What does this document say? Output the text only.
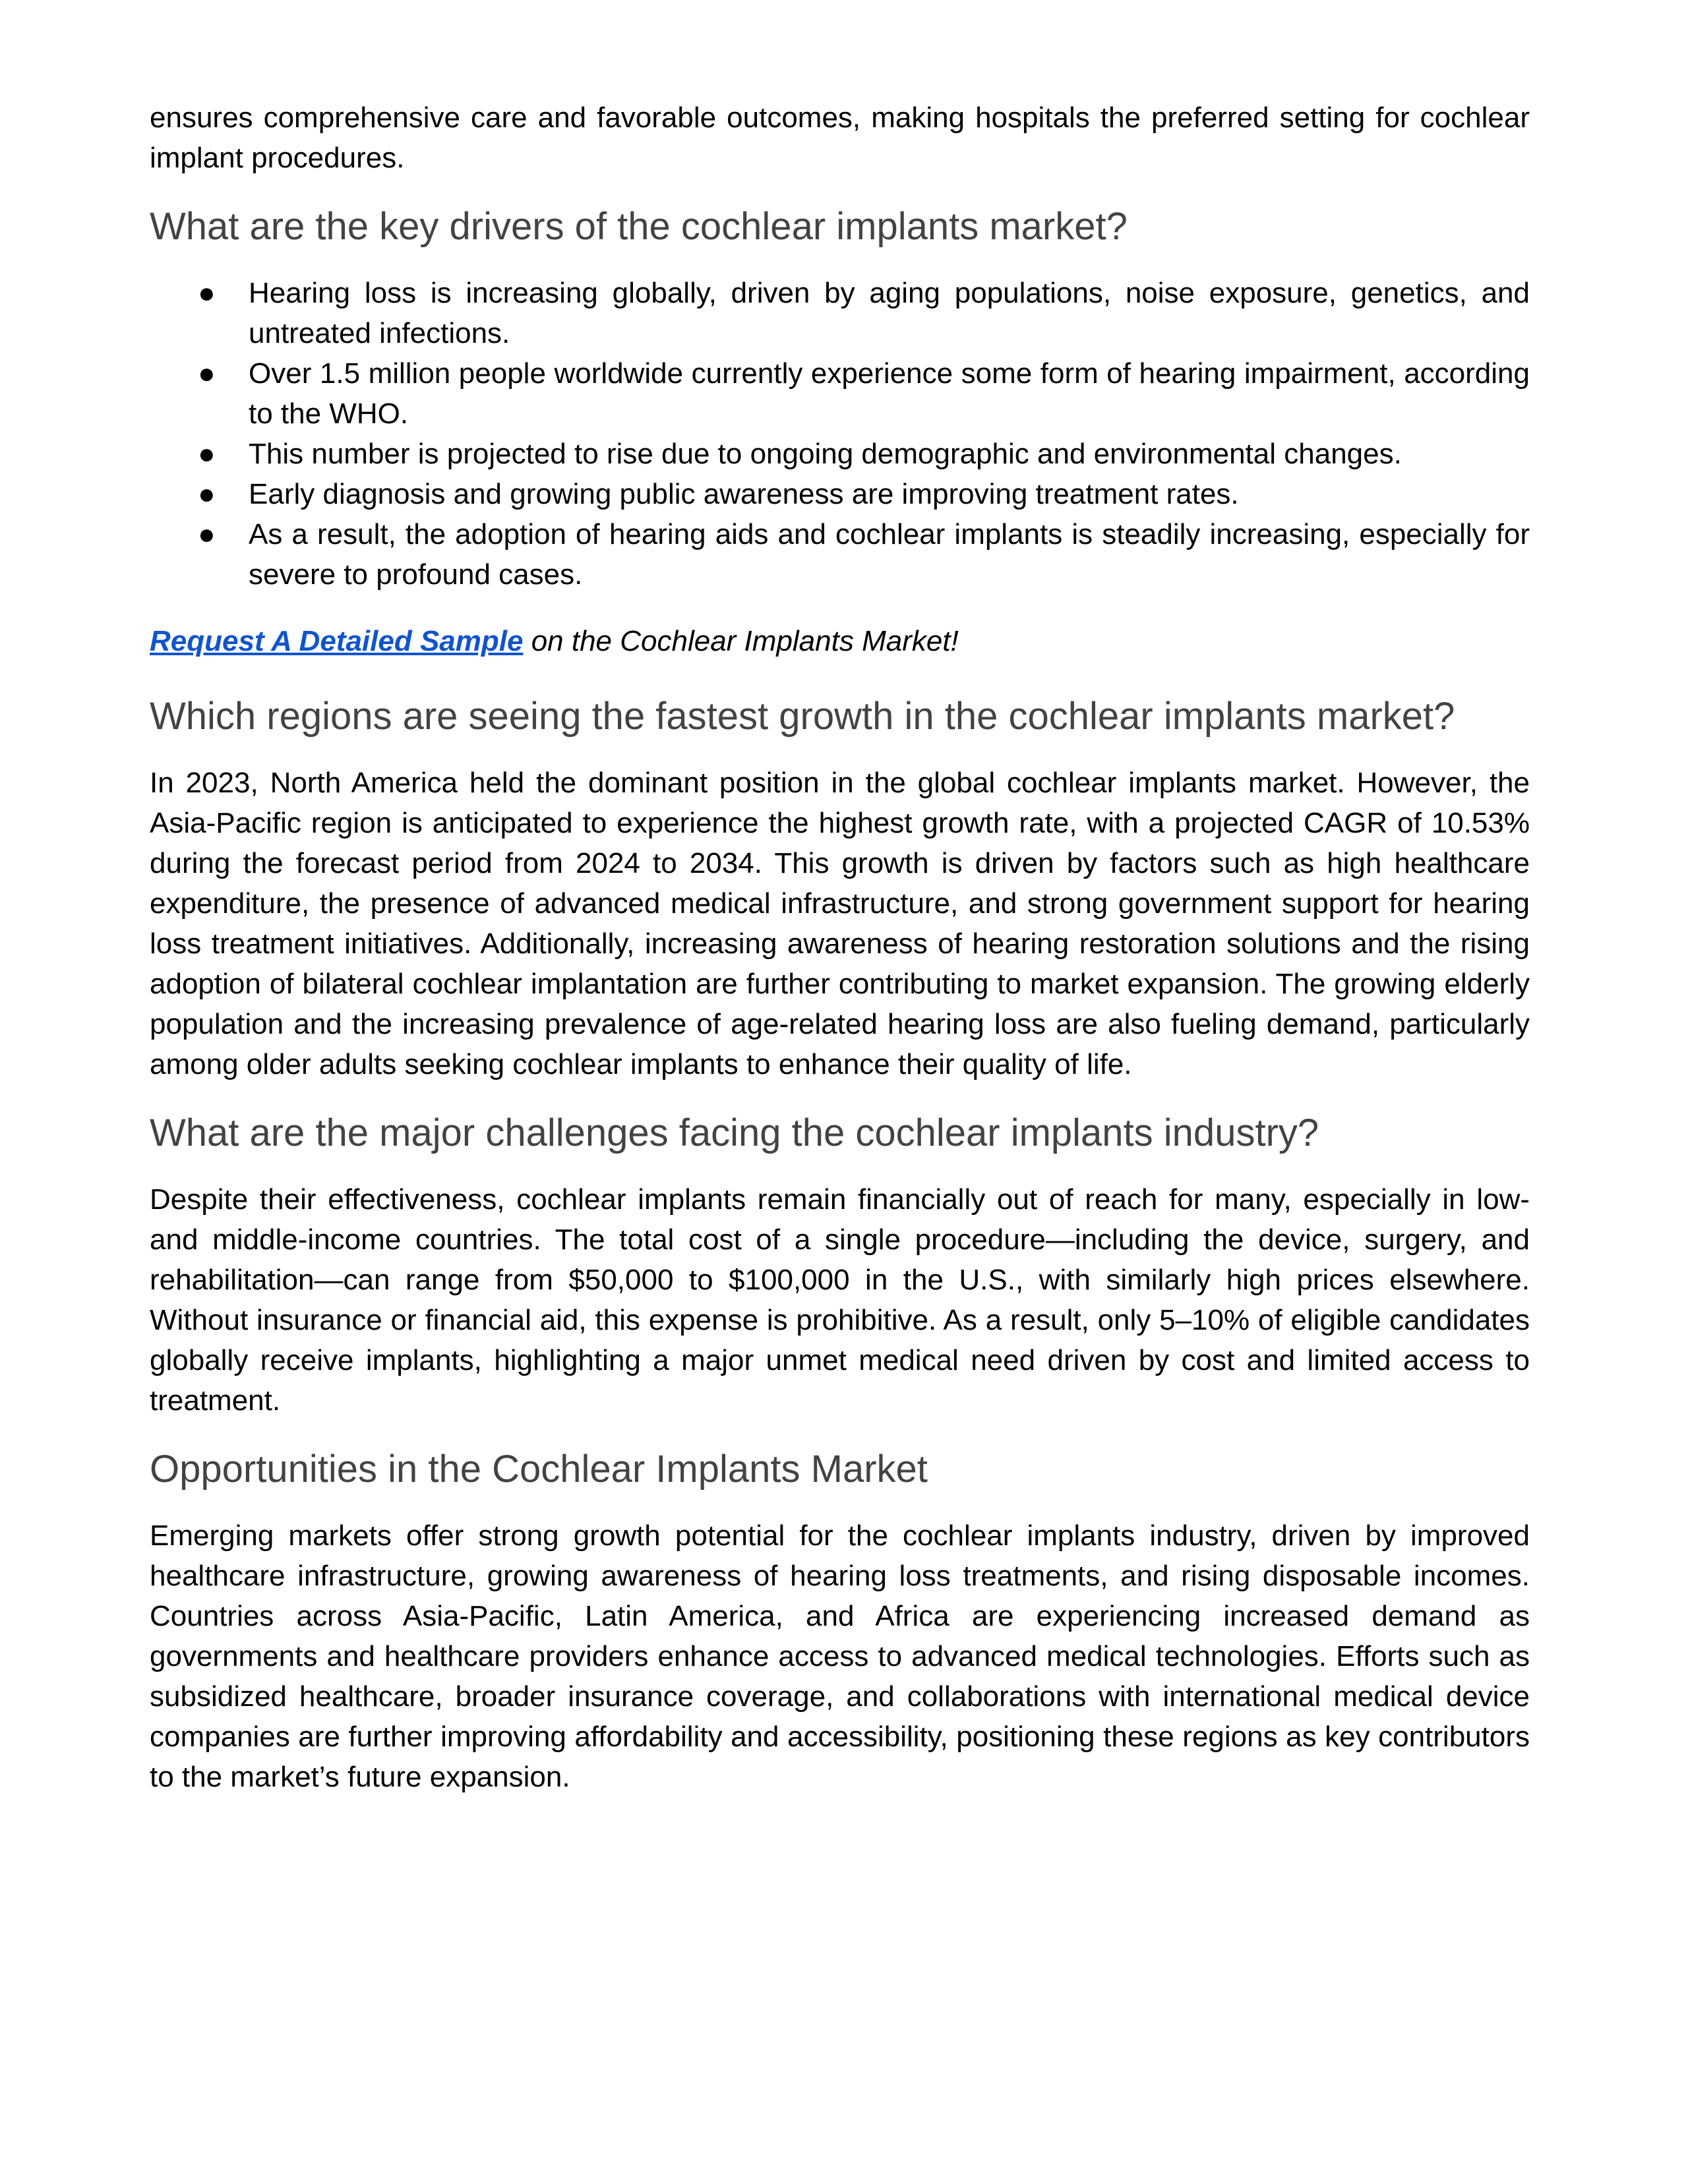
ensures comprehensive care and favorable outcomes, making hospitals the preferred setting for cochlear implant procedures.

What are the key drivers of the cochlear implants market?
● Hearing loss is increasing globally, driven by aging populations, noise exposure, genetics, and untreated infections.
● Over 1.5 million people worldwide currently experience some form of hearing impairment, according to the WHO.
● This number is projected to rise due to ongoing demographic and environmental changes.
● Early diagnosis and growing public awareness are improving treatment rates.
● As a result, the adoption of hearing aids and cochlear implants is steadily increasing, especially for severe to profound cases.

Request A Detailed Sample on the Cochlear Implants Market!

Which regions are seeing the fastest growth in the cochlear implants market?

In 2023, North America held the dominant position in the global cochlear implants market. However, the Asia-Pacific region is anticipated to experience the highest growth rate, with a projected CAGR of 10.53% during the forecast period from 2024 to 2034. This growth is driven by factors such as high healthcare expenditure, the presence of advanced medical infrastructure, and strong government support for hearing loss treatment initiatives. Additionally, increasing awareness of hearing restoration solutions and the rising adoption of bilateral cochlear implantation are further contributing to market expansion. The growing elderly population and the increasing prevalence of age-related hearing loss are also fueling demand, particularly among older adults seeking cochlear implants to enhance their quality of life.

What are the major challenges facing the cochlear implants industry?

Despite their effectiveness, cochlear implants remain financially out of reach for many, especially in low- and middle-income countries. The total cost of a single procedure—including the device, surgery, and rehabilitation—can range from $50,000 to $100,000 in the U.S., with similarly high prices elsewhere. Without insurance or financial aid, this expense is prohibitive. As a result, only 5–10% of eligible candidates globally receive implants, highlighting a major unmet medical need driven by cost and limited access to treatment.

Opportunities in the Cochlear Implants Market

Emerging markets offer strong growth potential for the cochlear implants industry, driven by improved healthcare infrastructure, growing awareness of hearing loss treatments, and rising disposable incomes. Countries across Asia-Pacific, Latin America, and Africa are experiencing increased demand as governments and healthcare providers enhance access to advanced medical technologies. Efforts such as subsidized healthcare, broader insurance coverage, and collaborations with international medical device companies are further improving affordability and accessibility, positioning these regions as key contributors to the market’s future expansion.
